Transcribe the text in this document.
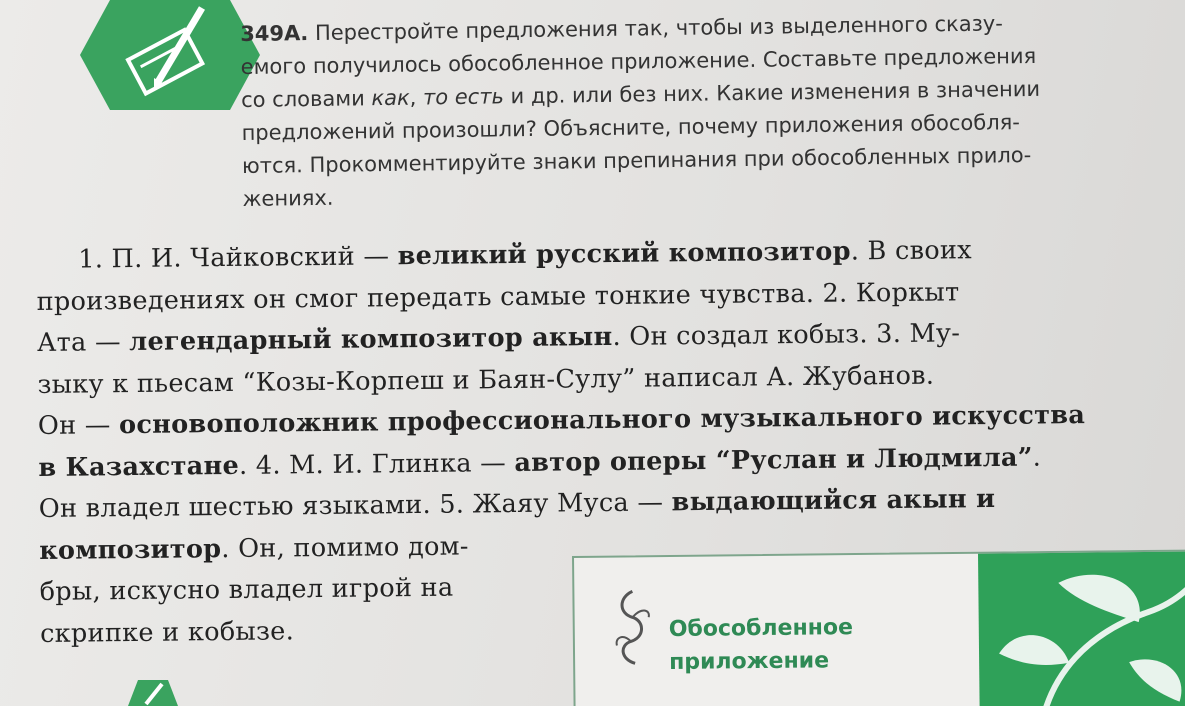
349А. Перестройте предложения так, чтобы из выделенного сказу-

емого получилось обособленное приложение. Составьте предложения

со словами как, то есть и др. или без них. Какие изменения в значении

предложений произошли? Объясните, почему приложения обособля-

ются. Прокомментируйте знаки препинания при обособленных прило-

жениях.

1. П. И. Чайковский — великий русский композитор. В своих

произведениях он смог передать самые тонкие чувства. 2. Коркыт

Ата — легендарный композитор акын. Он создал кобыз. 3. Му-

зыку к пьесам “Козы-Корпеш и Баян-Сулу” написал А. Жубанов.

Он — основоположник профессионального музыкального искусства

в Казахстане. 4. М. И. Глинка — автор оперы “Руслан и Людмила”.

Он владел шестью языками. 5. Жаяу Муса — выдающийся акын и

композитор. Он, помимо дом-

бры, искусно владел игрой на

скрипке и кобызе.	Обособленное
приложение
